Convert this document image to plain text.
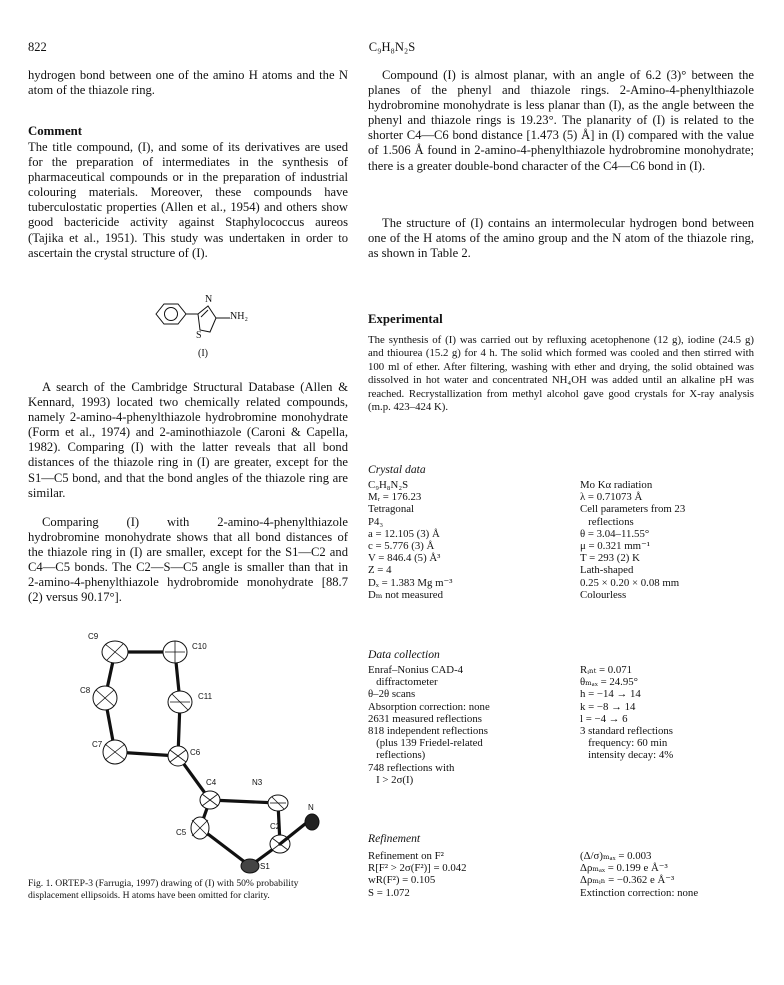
822	C₉H₈N₂S

hydrogen bond between one of the amino H atoms and the N atom of the thiazole ring.

Comment

The title compound, (I), and some of its derivatives are used for the preparation of intermediates in the synthesis of pharmaceutical compounds or in the preparation of industrial colouring materials. Moreover, these compounds have tuberculostatic properties (Allen et al., 1954) and others show good bactericide activity against Staphylococcus aureos (Tajika et al., 1951). This study was undertaken in order to ascertain the crystal structure of (I).

N
S
NH₂
(I)

A search of the Cambridge Structural Database (Allen & Kennard, 1993) located two chemically related compounds, namely 2-amino-4-phenylthiazole hydrobromine monohydrate (Form et al., 1974) and 2-aminothiazole (Caroni & Capella, 1982). Comparing (I) with the latter reveals that all bond distances of the thiazole ring in (I) are greater, except for the S1—C5 bond, and that the bond angles of the thiazole ring are similar.

Comparing (I) with 2-amino-4-phenylthiazole hydrobromine monohydrate shows that all bond distances of the thiazole ring in (I) are smaller, except for the S1—C2 and C4—C5 bonds. The C2—S—C5 angle is smaller than that in 2-amino-4-phenylthiazole hydrobromide monohydrate [88.7 (2) versus 90.17°].

C9
C10
C8
C11
C7
C6
C4	N3
C2
N
C5
S1

Fig. 1. ORTEP-3 (Farrugia, 1997) drawing of (I) with 50% probability displacement ellipsoids. H atoms have been omitted for clarity.

Compound (I) is almost planar, with an angle of 6.2 (3)° between the planes of the phenyl and thiazole rings. 2-Amino-4-phenylthiazole hydrobromine monohydrate is less planar than (I), as the angle between the phenyl and thiazole rings is 19.23°. The planarity of (I) is related to the shorter C4—C6 bond distance [1.473 (5) Å] in (I) compared with the value of 1.506 Å found in 2-amino-4-phenylthiazole hydrobromine monohydrate; there is a greater double-bond character of the C4—C6 bond in (I).

The structure of (I) contains an intermolecular hydrogen bond between one of the H atoms of the amino group and the N atom of the thiazole ring, as shown in Table 2.

Experimental

The synthesis of (I) was carried out by refluxing acetophenone (12 g), iodine (24.5 g) and thiourea (15.2 g) for 4 h. The solid which formed was cooled and then stirred with 100 ml of ether. After filtering, washing with ether and drying, the solid obtained was dissolved in hot water and concentrated NH₄OH was added until an alkaline pH was reached. Recrystallization from methyl alcohol gave good crystals for X-ray analysis (m.p. 423–424 K).

Crystal data

C₉H₈N₂S
Mᵣ = 176.23
Tetragonal
P4₃
a = 12.105 (3) Å
c = 5.776 (3) Å
V = 846.4 (5) Å³
Z = 4
Dₓ = 1.383 Mg m⁻³
Dₘ not measured
Mo Kα radiation
λ = 0.71073 Å
Cell parameters from 23
reflections
θ = 3.04–11.55°
μ = 0.321 mm⁻¹
T = 293 (2) K
Lath-shaped
0.25 × 0.20 × 0.08 mm
Colourless

Data collection

Enraf–Nonius CAD-4
diffractometer
θ–2θ scans
Absorption correction: none
2631 measured reflections
818 independent reflections
(plus 139 Friedel-related
reflections)
748 reflections with
I > 2σ(I)
Rᵢₙₜ = 0.071
θₘₐₓ = 24.95°
h = −14 → 14
k = −8 → 14
l = −4 → 6
3 standard reflections
frequency: 60 min
intensity decay: 4%

Refinement

Refinement on F²
R[F² > 2σ(F²)] = 0.042
wR(F²) = 0.105
S = 1.072
(Δ/σ)ₘₐₓ = 0.003
Δρₘₐₓ = 0.199 e Å⁻³
Δρₘᵢₙ = −0.362 e Å⁻³
Extinction correction: none
